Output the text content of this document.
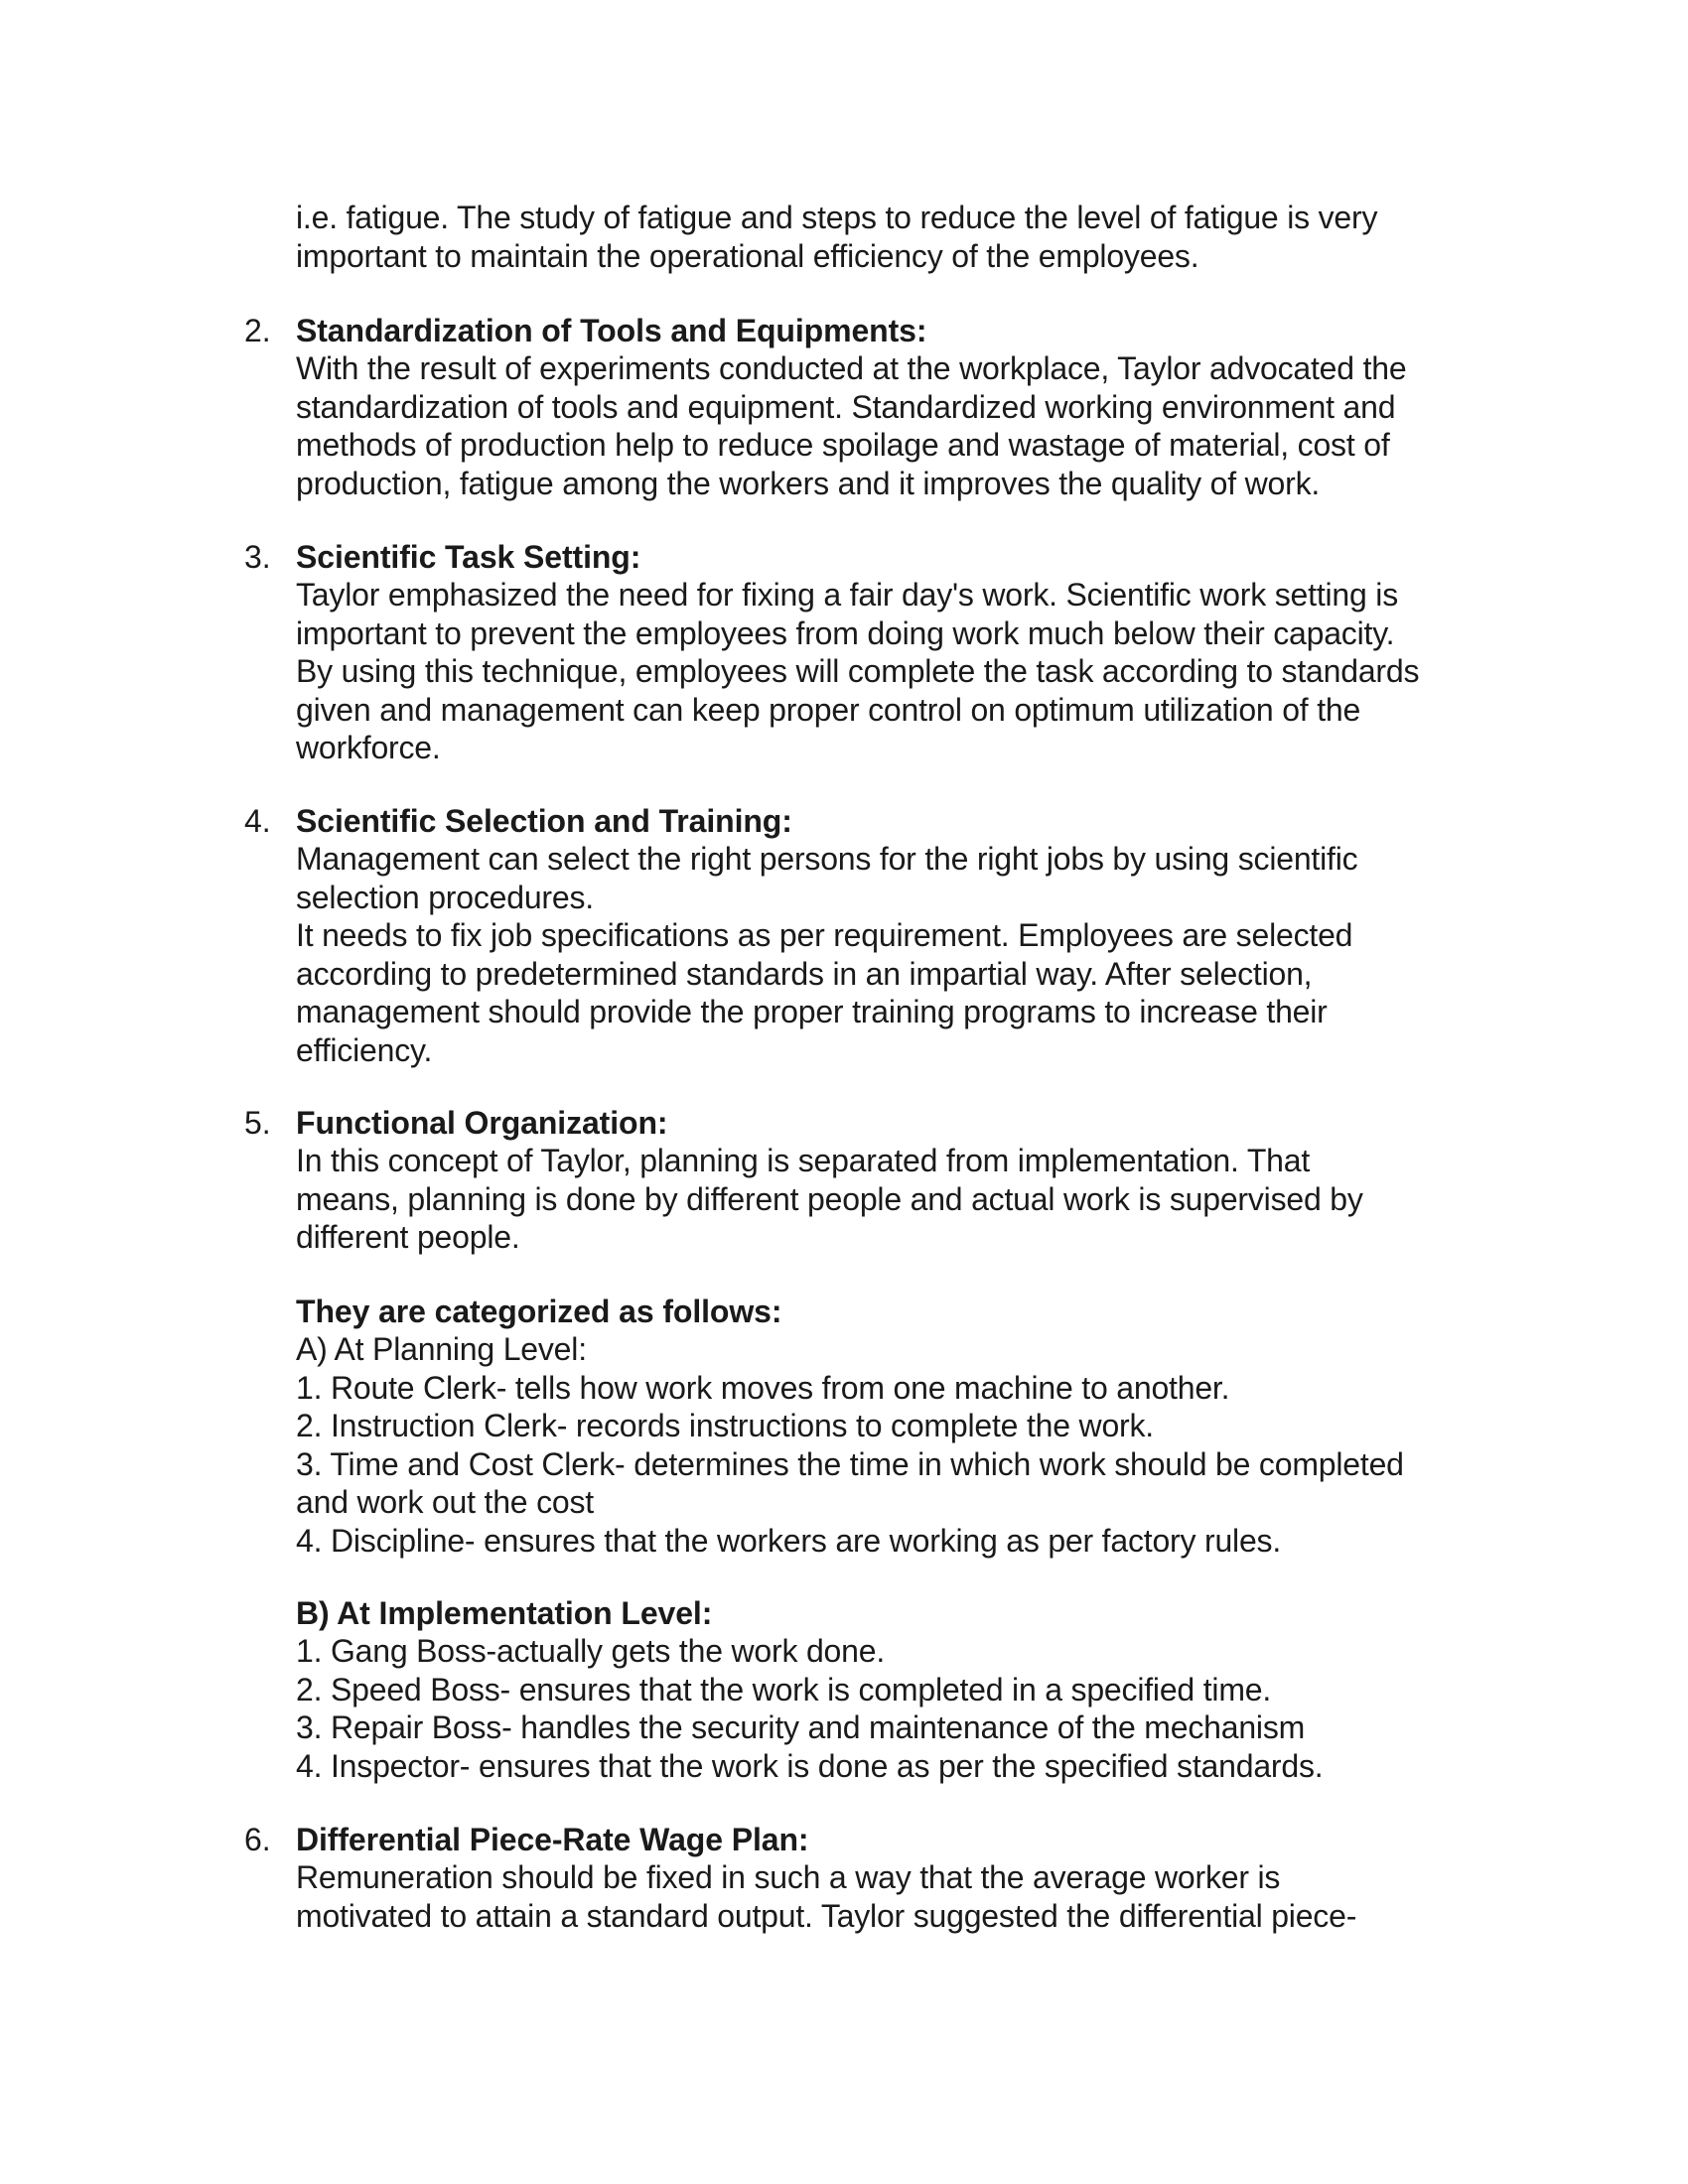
i.e. fatigue. The study of fatigue and steps to reduce the level of fatigue is very
important to maintain the operational efficiency of the employees.
2. Standardization of Tools and Equipments:
With the result of experiments conducted at the workplace, Taylor advocated the
standardization of tools and equipment. Standardized working environment and
methods of production help to reduce spoilage and wastage of material, cost of
production, fatigue among the workers and it improves the quality of work.
3. Scientific Task Setting:
Taylor emphasized the need for fixing a fair day's work. Scientific work setting is
important to prevent the employees from doing work much below their capacity.
By using this technique, employees will complete the task according to standards
given and management can keep proper control on optimum utilization of the
workforce.
4. Scientific Selection and Training:
Management can select the right persons for the right jobs by using scientific
selection procedures.
It needs to fix job specifications as per requirement. Employees are selected
according to predetermined standards in an impartial way. After selection,
management should provide the proper training programs to increase their
efficiency.
5. Functional Organization:
In this concept of Taylor, planning is separated from implementation. That
means, planning is done by different people and actual work is supervised by
different people.
They are categorized as follows:
A) At Planning Level:
1. Route Clerk- tells how work moves from one machine to another.
2. Instruction Clerk- records instructions to complete the work.
3. Time and Cost Clerk- determines the time in which work should be completed
and work out the cost
4. Discipline- ensures that the workers are working as per factory rules.
B) At Implementation Level:
1. Gang Boss-actually gets the work done.
2. Speed Boss- ensures that the work is completed in a specified time.
3. Repair Boss- handles the security and maintenance of the mechanism
4. Inspector- ensures that the work is done as per the specified standards.
6. Differential Piece-Rate Wage Plan:
Remuneration should be fixed in such a way that the average worker is
motivated to attain a standard output. Taylor suggested the differential piece-
